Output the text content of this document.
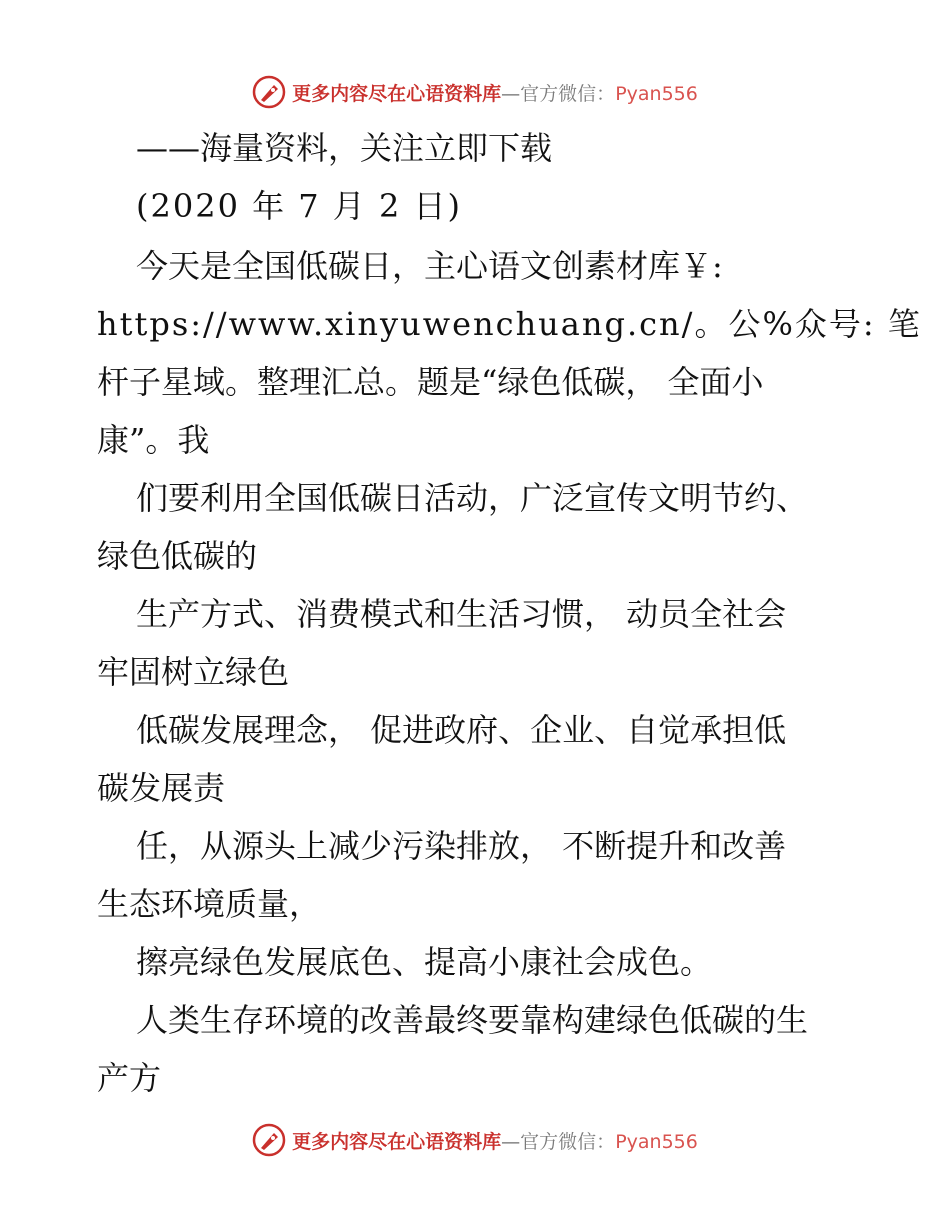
更多内容尽在心语资料库—官方微信：Pyan556
——海量资料，关注立即下载
(2020 年 7 月 2 日)
今天是全国低碳日，主心语文创素材库￥:
https://www.xinyuwenchuang.cn/。公%众号: 笔
杆子星域。整理汇总。题是“绿色低碳， 全面小
康”。我
们要利用全国低碳日活动，广泛宣传文明节约、
绿色低碳的
生产方式、消费模式和生活习惯， 动员全社会
牢固树立绿色
低碳发展理念， 促进政府、企业、自觉承担低
碳发展责
任，从源头上减少污染排放， 不断提升和改善
生态环境质量，
擦亮绿色发展底色、提高小康社会成色。
人类生存环境的改善最终要靠构建绿色低碳的生
产方
更多内容尽在心语资料库—官方微信：Pyan556
